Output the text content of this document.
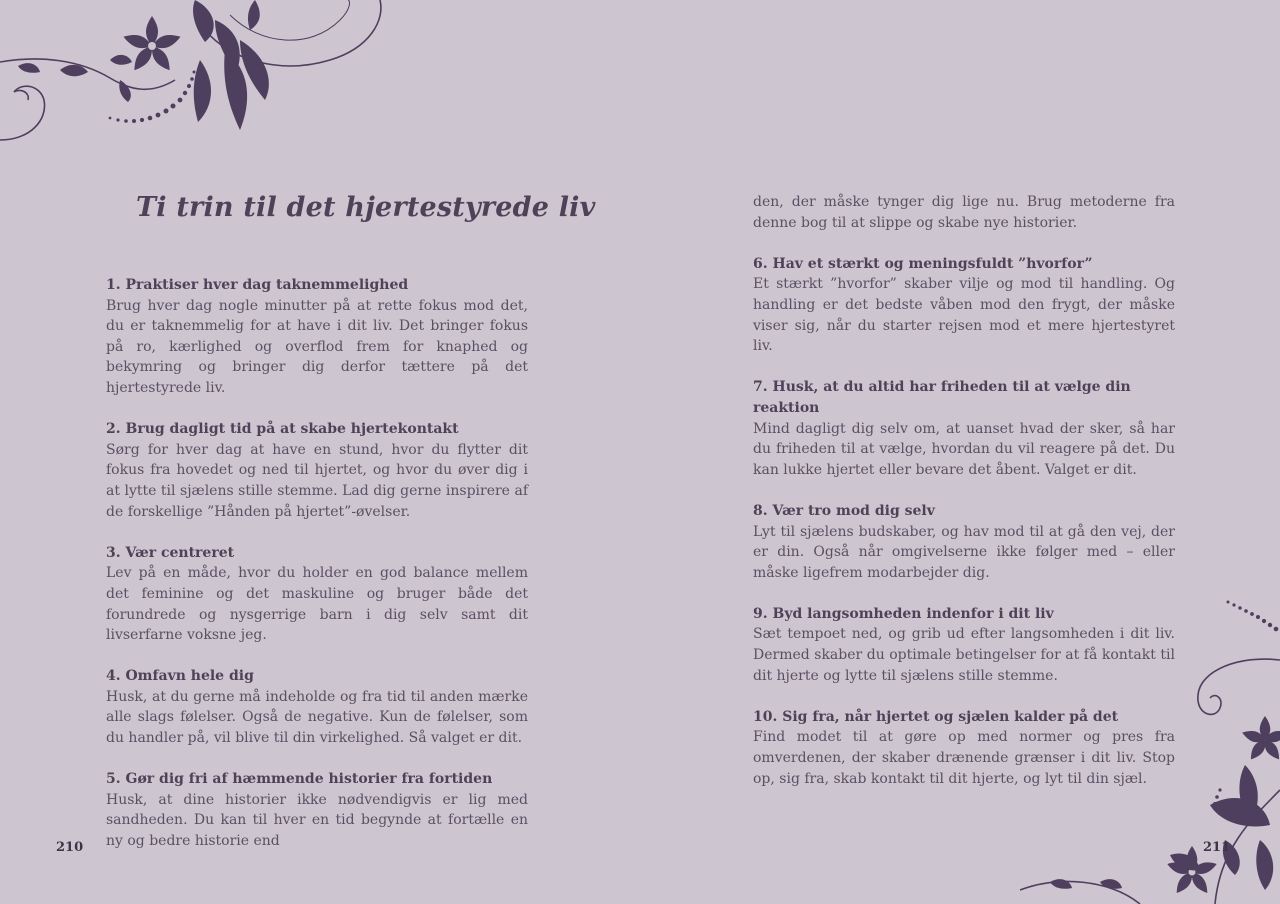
Ti trin til det hjertestyrede liv
1. Praktiser hver dag taknemmelighed
Brug hver dag nogle minutter på at rette fokus mod det, du er taknemmelig for at have i dit liv. Det bringer fokus på ro, kærlighed og overflod frem for knaphed og bekymring og bringer dig derfor tættere på det hjertestyrede liv.
2. Brug dagligt tid på at skabe hjertekontakt
Sørg for hver dag at have en stund, hvor du flytter dit fokus fra hovedet og ned til hjertet, og hvor du øver dig i at lytte til sjælens stille stemme. Lad dig gerne inspirere af de forskellige ”Hånden på hjertet”-øvelser.
3. Vær centreret
Lev på en måde, hvor du holder en god balance mellem det feminine og det maskuline og bruger både det forundrede og nysgerrige barn i dig selv samt dit livserfarne voksne jeg.
4. Omfavn hele dig
Husk, at du gerne må indeholde og fra tid til anden mærke alle slags følelser. Også de negative. Kun de følelser, som du handler på, vil blive til din virkelighed. Så valget er dit.
5. Gør dig fri af hæmmende historier fra fortiden
Husk, at dine historier ikke nødvendigvis er lig med sandheden. Du kan til hver en tid begynde at fortælle en ny og bedre historie end
den, der måske tynger dig lige nu. Brug metoderne fra denne bog til at slippe og skabe nye historier.
6. Hav et stærkt og meningsfuldt ”hvorfor”
Et stærkt ”hvorfor” skaber vilje og mod til handling. Og handling er det bedste våben mod den frygt, der måske viser sig, når du starter rejsen mod et mere hjertestyret liv.
7. Husk, at du altid har friheden til at vælge din reaktion
Mind dagligt dig selv om, at uanset hvad der sker, så har du friheden til at vælge, hvordan du vil reagere på det. Du kan lukke hjertet eller bevare det åbent. Valget er dit.
8. Vær tro mod dig selv
Lyt til sjælens budskaber, og hav mod til at gå den vej, der er din. Også når omgivelserne ikke følger med – eller måske ligefrem modarbejder dig.
9. Byd langsomheden indenfor i dit liv
Sæt tempoet ned, og grib ud efter langsomheden i dit liv. Dermed skaber du optimale betingelser for at få kontakt til dit hjerte og lytte til sjælens stille stemme.
10. Sig fra, når hjertet og sjælen kalder på det
Find modet til at gøre op med normer og pres fra omverdenen, der skaber drænende grænser i dit liv. Stop op, sig fra, skab kontakt til dit hjerte, og lyt til din sjæl.
210	211
